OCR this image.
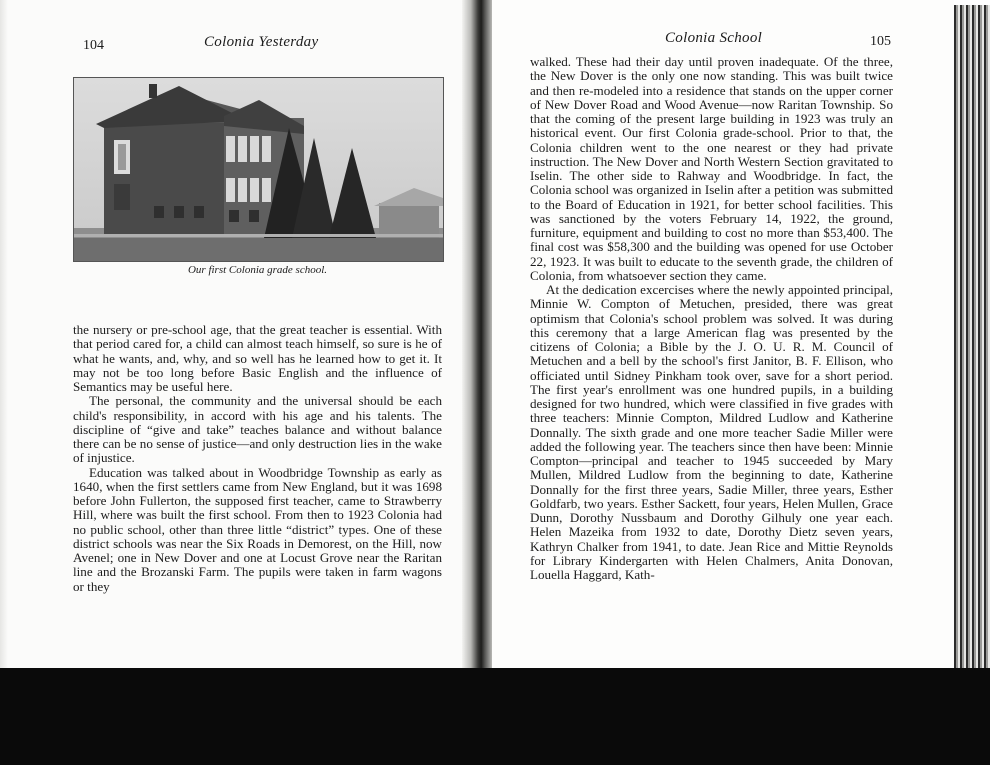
104	Colonia Yesterday
Our first Colonia grade school.

the nursery or pre-school age, that the great teacher is essential. With that period cared for, a child can almost teach himself, so sure is he of what he wants, and, why, and so well has he learned how to get it. It may not be too long before Basic English and the influence of Semantics may be useful here.

The personal, the community and the universal should be each child's responsibility, in accord with his age and his talents. The discipline of “give and take” teaches balance and without balance there can be no sense of justice—and only destruction lies in the wake of injustice.

Education was talked about in Woodbridge Township as early as 1640, when the first settlers came from New England, but it was 1698 before John Fullerton, the supposed first teacher, came to Strawberry Hill, where was built the first school. From then to 1923 Colonia had no public school, other than three little “district” types. One of these district schools was near the Six Roads in Demorest, on the Hill, now Avenel; one in New Dover and one at Locust Grove near the Raritan line and the Brozanski Farm. The pupils were taken in farm wagons or they

Colonia School	105

walked. These had their day until proven inadequate. Of the three, the New Dover is the only one now standing. This was built twice and then re-modeled into a residence that stands on the upper corner of New Dover Road and Wood Avenue—now Raritan Township. So that the coming of the present large building in 1923 was truly an historical event. Our first Colonia grade-school. Prior to that, the Colonia children went to the one nearest or they had private instruction. The New Dover and North Western Section gravitated to Iselin. The other side to Rahway and Woodbridge. In fact, the Colonia school was organized in Iselin after a petition was submitted to the Board of Education in 1921, for better school facilities. This was sanctioned by the voters February 14, 1922, the ground, furniture, equipment and building to cost no more than $53,400. The final cost was $58,300 and the building was opened for use October 22, 1923. It was built to educate to the seventh grade, the children of Colonia, from whatsoever section they came.

At the dedication excercises where the newly appointed principal, Minnie W. Compton of Metuchen, presided, there was great optimism that Colonia's school problem was solved. It was during this ceremony that a large American flag was presented by the citizens of Colonia; a Bible by the J. O. U. R. M. Council of Metuchen and a bell by the school's first Janitor, B. F. Ellison, who officiated until Sidney Pinkham took over, save for a short period. The first year's enrollment was one hundred pupils, in a building designed for two hundred, which were classified in five grades with three teachers: Minnie Compton, Mildred Ludlow and Katherine Donnally. The sixth grade and one more teacher Sadie Miller were added the following year. The teachers since then have been: Minnie Compton—principal and teacher to 1945 succeeded by Mary Mullen, Mildred Ludlow from the beginning to date, Katherine Donnally for the first three years, Sadie Miller, three years, Esther Goldfarb, two years. Esther Sackett, four years, Helen Mullen, Grace Dunn, Dorothy Nussbaum and Dorothy Gilhuly one year each. Helen Mazeika from 1932 to date, Dorothy Dietz seven years, Kathryn Chalker from 1941, to date. Jean Rice and Mittie Reynolds for Library Kindergarten with Helen Chalmers, Anita Donovan, Louella Haggard, Kath-
